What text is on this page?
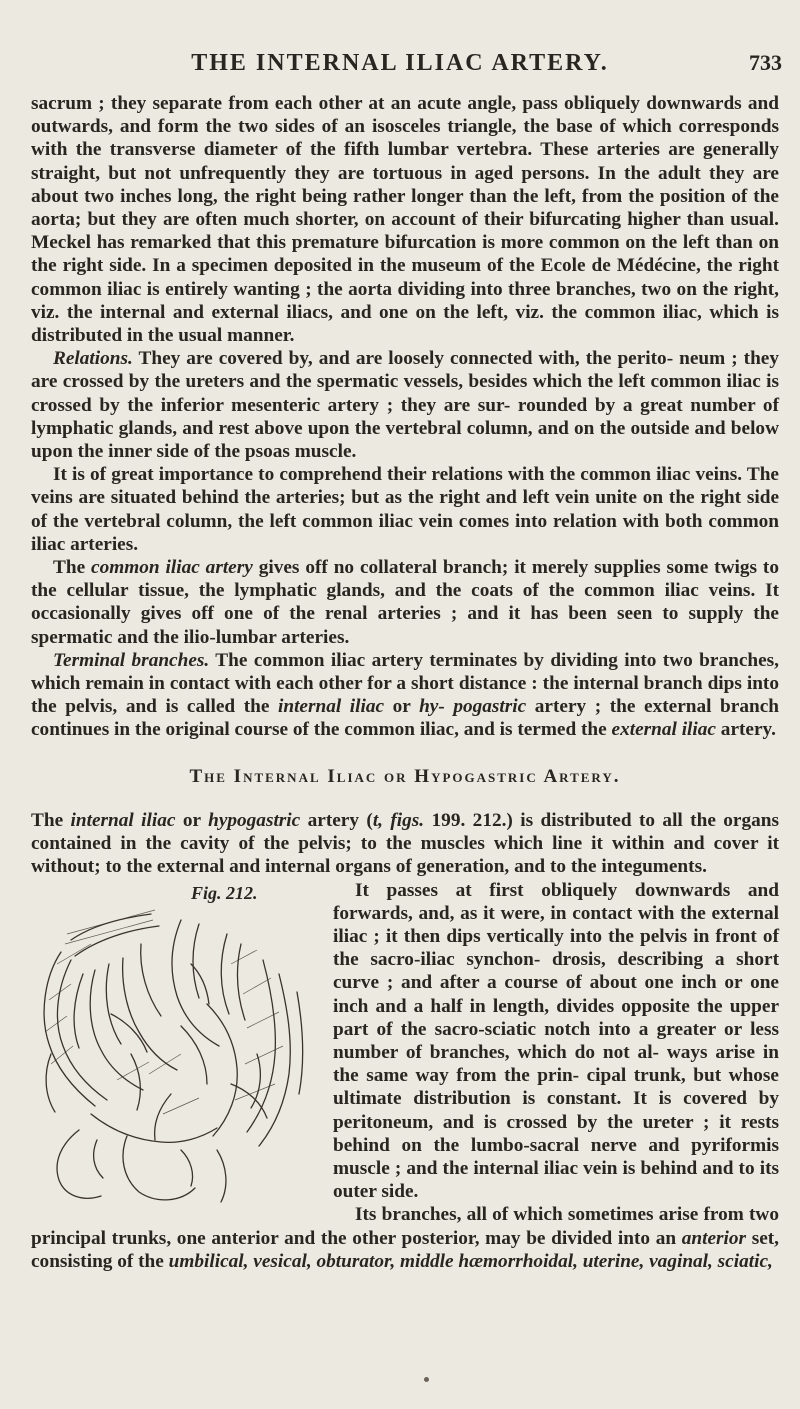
THE INTERNAL ILIAC ARTERY.	733

sacrum ; they separate from each other at an acute angle, pass obliquely downwards and outwards, and form the two sides of an isosceles triangle, the base of which corresponds with the transverse diameter of the fifth lumbar vertebra. These arteries are generally straight, but not unfrequently they are tortuous in aged persons. In the adult they are about two inches long, the right being rather longer than the left, from the position of the aorta; but they are often much shorter, on account of their bifurcating higher than usual. Meckel has remarked that this premature bifurcation is more common on the left than on the right side. In a specimen deposited in the museum of the Ecole de Médécine, the right common iliac is entirely wanting ; the aorta dividing into three branches, two on the right, viz. the internal and external iliacs, and one on the left, viz. the common iliac, which is distributed in the usual manner.

Relations. They are covered by, and are loosely connected with, the perito- neum ; they are crossed by the ureters and the spermatic vessels, besides which the left common iliac is crossed by the inferior mesenteric artery ; they are sur- rounded by a great number of lymphatic glands, and rest above upon the vertebral column, and on the outside and below upon the inner side of the psoas muscle.

It is of great importance to comprehend their relations with the common iliac veins. The veins are situated behind the arteries; but as the right and left vein unite on the right side of the vertebral column, the left common iliac vein comes into relation with both common iliac arteries.

The common iliac artery gives off no collateral branch; it merely supplies some twigs to the cellular tissue, the lymphatic glands, and the coats of the common iliac veins. It occasionally gives off one of the renal arteries ; and it has been seen to supply the spermatic and the ilio-lumbar arteries.

Terminal branches. The common iliac artery terminates by dividing into two branches, which remain in contact with each other for a short distance : the internal branch dips into the pelvis, and is called the internal iliac or hy- pogastric artery ; the external branch continues in the original course of the common iliac, and is termed the external iliac artery.

The Internal Iliac or Hypogastric Artery.

The internal iliac or hypogastric artery (t, figs. 199. 212.) is distributed to all the organs contained in the cavity of the pelvis; to the muscles which line it within and cover it without; to the external and internal organs of generation, and to the integuments.

Fig. 212.	It passes at first obliquely downwards and forwards, and, as it were, in contact with the external iliac ; it then dips vertically into the pelvis in front of the sacro-iliac synchon- drosis, describing a short curve ; and after a course of about one inch or one inch and a half in length, divides opposite the upper part of the sacro-sciatic notch into a greater or less number of branches, which do not al- ways arise in the same way from the prin- cipal trunk, but whose ultimate distribution is constant. It is covered by peritoneum, and is crossed by the ureter ; it rests behind on the lumbo-sacral nerve and pyriformis muscle ; and the internal iliac vein is behind and to its outer side.

Its branches, all of which sometimes arise from two principal trunks, one anterior and the other posterior, may be divided into an anterior set, consisting of the umbilical, vesical, obturator, middle hæmorrhoidal, uterine, vaginal, sciatic,
